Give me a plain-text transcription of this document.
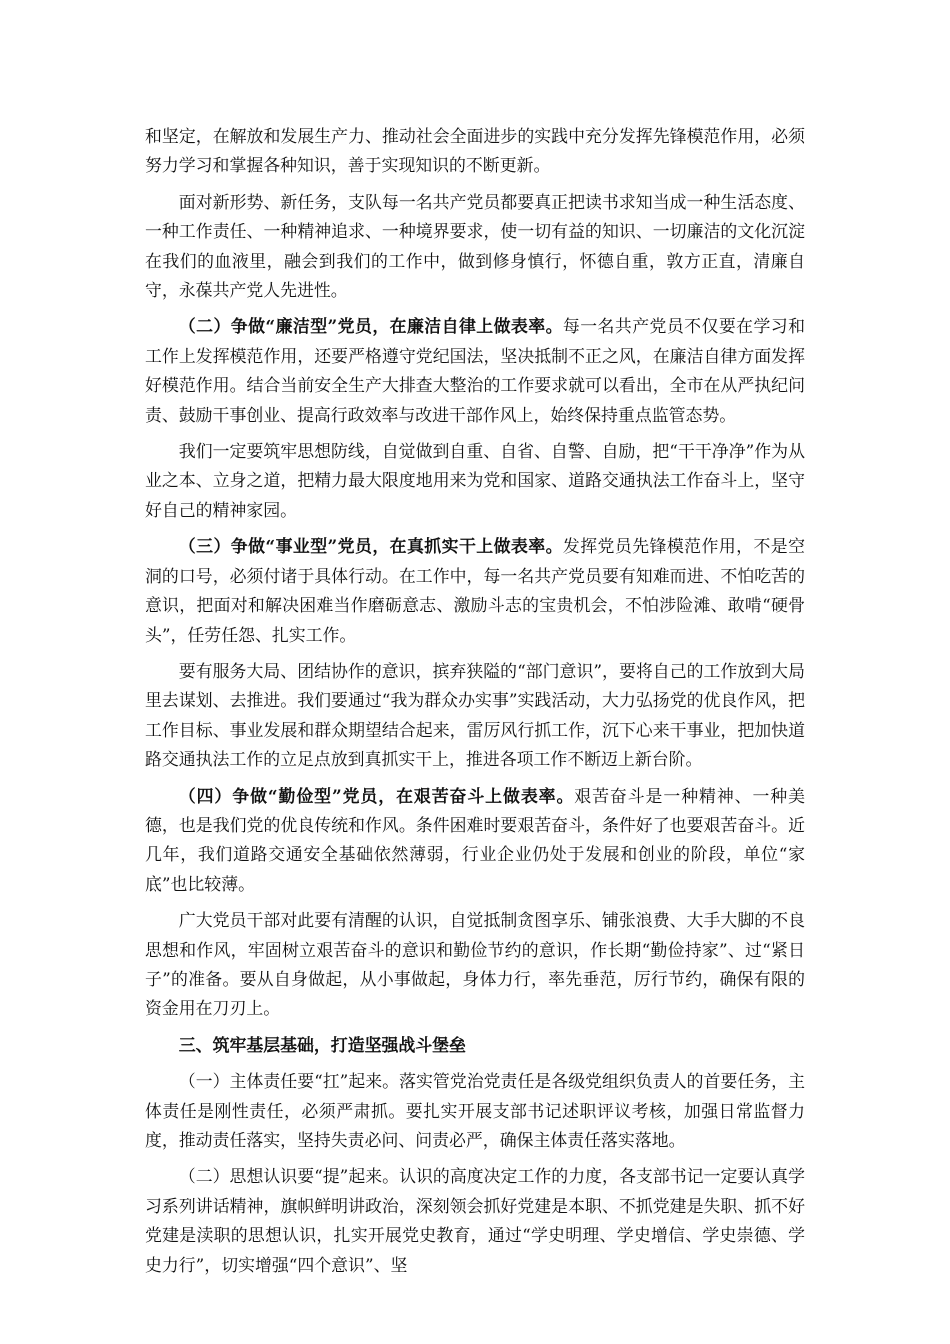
和坚定，在解放和发展生产力、推动社会全面进步的实践中充分发挥先锋模范作用，必须努力学习和掌握各种知识，善于实现知识的不断更新。

面对新形势、新任务，支队每一名共产党员都要真正把读书求知当成一种生活态度、一种工作责任、一种精神追求、一种境界要求，使一切有益的知识、一切廉洁的文化沉淀在我们的血液里，融会到我们的工作中，做到修身慎行，怀德自重，敦方正直，清廉自守，永葆共产党人先进性。

（二）争做“廉洁型”党员，在廉洁自律上做表率。每一名共产党员不仅要在学习和工作上发挥模范作用，还要严格遵守党纪国法，坚决抵制不正之风，在廉洁自律方面发挥好模范作用。结合当前安全生产大排查大整治的工作要求就可以看出，全市在从严执纪问责、鼓励干事创业、提高行政效率与改进干部作风上，始终保持重点监管态势。

我们一定要筑牢思想防线，自觉做到自重、自省、自警、自励，把“干干净净”作为从业之本、立身之道，把精力最大限度地用来为党和国家、道路交通执法工作奋斗上，坚守好自己的精神家园。

（三）争做“事业型”党员，在真抓实干上做表率。发挥党员先锋模范作用，不是空洞的口号，必须付诸于具体行动。在工作中，每一名共产党员要有知难而进、不怕吃苦的意识，把面对和解决困难当作磨砺意志、激励斗志的宝贵机会，不怕涉险滩、敢啃“硬骨头”，任劳任怨、扎实工作。

要有服务大局、团结协作的意识，摈弃狭隘的“部门意识”，要将自己的工作放到大局里去谋划、去推进。我们要通过“我为群众办实事”实践活动，大力弘扬党的优良作风，把工作目标、事业发展和群众期望结合起来，雷厉风行抓工作，沉下心来干事业，把加快道路交通执法工作的立足点放到真抓实干上，推进各项工作不断迈上新台阶。

（四）争做“勤俭型”党员，在艰苦奋斗上做表率。艰苦奋斗是一种精神、一种美德，也是我们党的优良传统和作风。条件困难时要艰苦奋斗，条件好了也要艰苦奋斗。近几年，我们道路交通安全基础依然薄弱，行业企业仍处于发展和创业的阶段，单位“家底”也比较薄。

广大党员干部对此要有清醒的认识，自觉抵制贪图享乐、铺张浪费、大手大脚的不良思想和作风，牢固树立艰苦奋斗的意识和勤俭节约的意识，作长期“勤俭持家”、过“紧日子”的准备。要从自身做起，从小事做起，身体力行，率先垂范，厉行节约，确保有限的资金用在刀刃上。

三、筑牢基层基础，打造坚强战斗堡垒

（一）主体责任要“扛”起来。落实管党治党责任是各级党组织负责人的首要任务，主体责任是刚性责任，必须严肃抓。要扎实开展支部书记述职评议考核，加强日常监督力度，推动责任落实，坚持失责必问、问责必严，确保主体责任落实落地。

（二）思想认识要“提”起来。认识的高度决定工作的力度，各支部书记一定要认真学习系列讲话精神，旗帜鲜明讲政治，深刻领会抓好党建是本职、不抓党建是失职、抓不好党建是渎职的思想认识，扎实开展党史教育，通过“学史明理、学史增信、学史崇德、学史力行”，切实增强“四个意识”、坚
